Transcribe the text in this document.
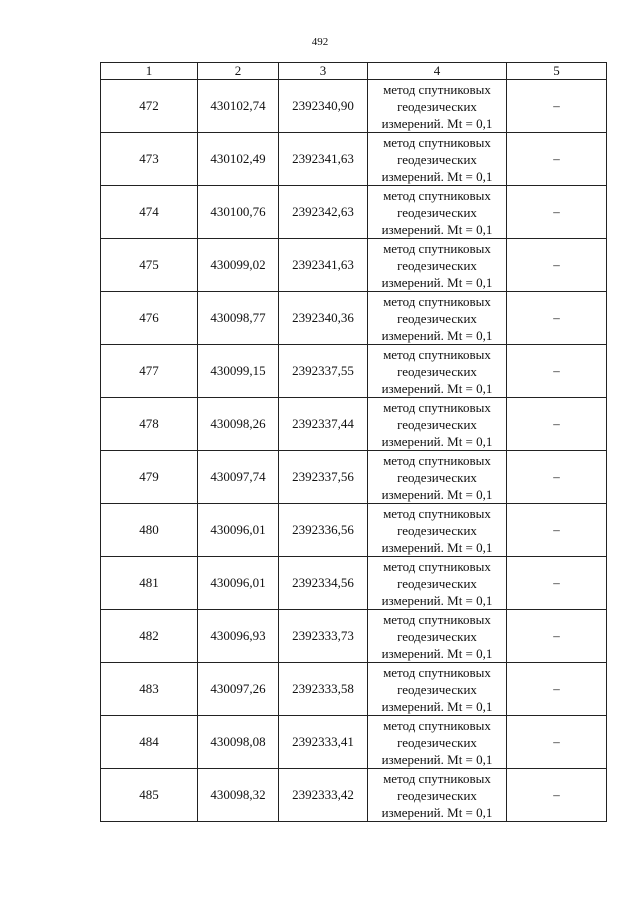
492
1	2	3	4	5
472	430102,74	2392340,90	метод спутниковых
геодезических
измерений. Mt = 0,1	–
473	430102,49	2392341,63	метод спутниковых
геодезических
измерений. Mt = 0,1	–
474	430100,76	2392342,63	метод спутниковых
геодезических
измерений. Mt = 0,1	–
475	430099,02	2392341,63	метод спутниковых
геодезических
измерений. Mt = 0,1	–
476	430098,77	2392340,36	метод спутниковых
геодезических
измерений. Mt = 0,1	–
477	430099,15	2392337,55	метод спутниковых
геодезических
измерений. Mt = 0,1	–
478	430098,26	2392337,44	метод спутниковых
геодезических
измерений. Mt = 0,1	–
479	430097,74	2392337,56	метод спутниковых
геодезических
измерений. Mt = 0,1	–
480	430096,01	2392336,56	метод спутниковых
геодезических
измерений. Mt = 0,1	–
481	430096,01	2392334,56	метод спутниковых
геодезических
измерений. Mt = 0,1	–
482	430096,93	2392333,73	метод спутниковых
геодезических
измерений. Mt = 0,1	–
483	430097,26	2392333,58	метод спутниковых
геодезических
измерений. Mt = 0,1	–
484	430098,08	2392333,41	метод спутниковых
геодезических
измерений. Mt = 0,1	–
485	430098,32	2392333,42	метод спутниковых
геодезических
измерений. Mt = 0,1	–
